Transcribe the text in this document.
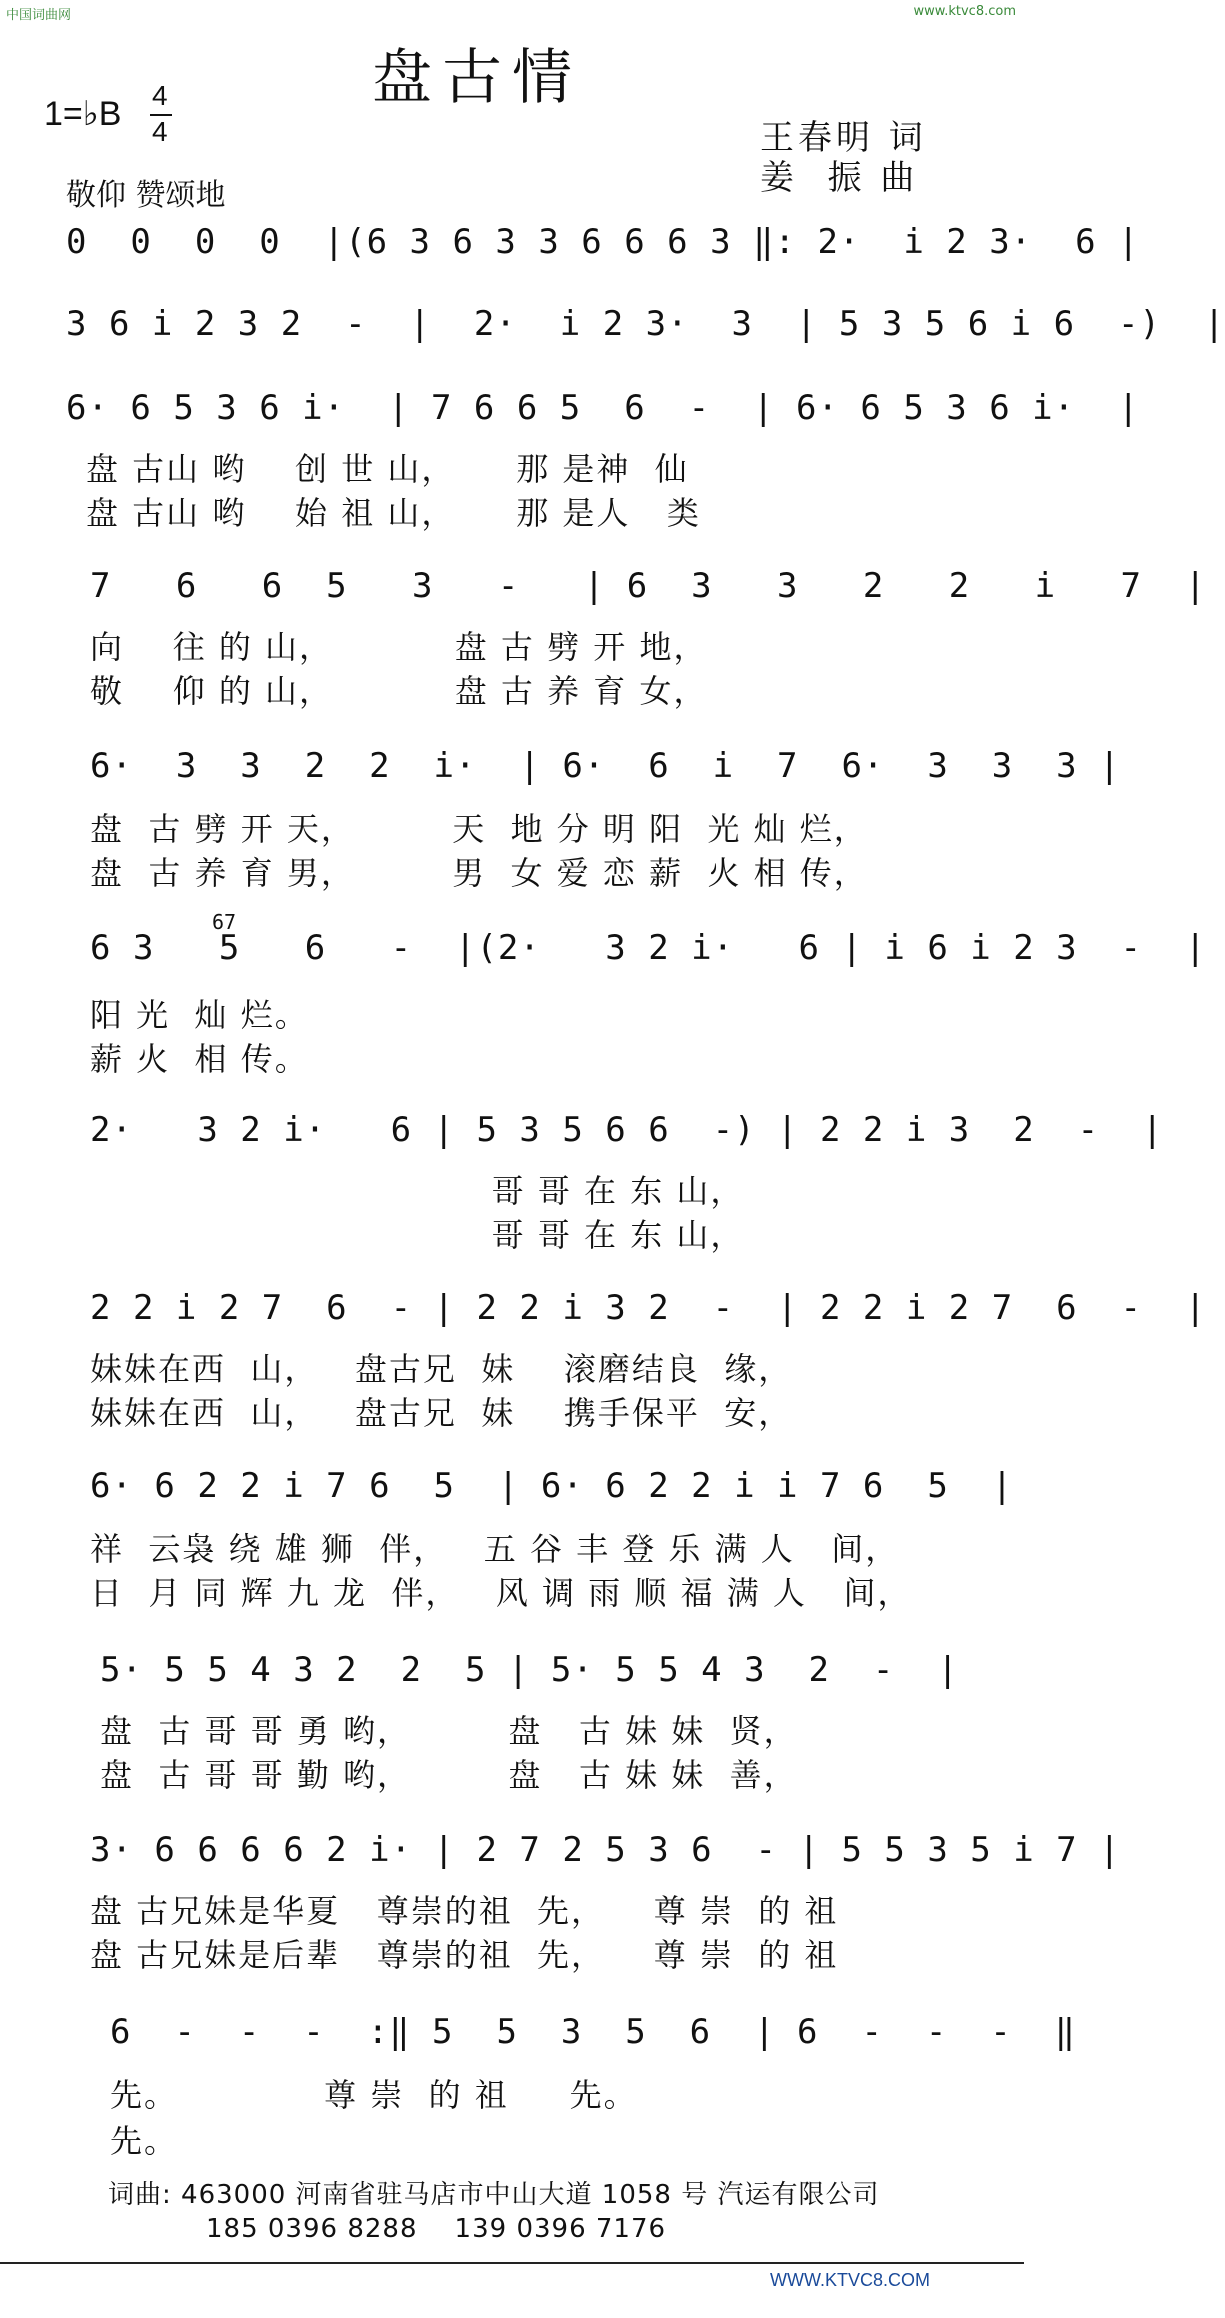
中国词曲网	www.ktvc8.com
盘古情
1=♭B 4
4	王春明 词
姜  振 曲
敬仰 赞颂地
0  0  0  0  |(6 3 6 3 3 6 6 6 3 ‖: 2·  i 2 3·  6 |
3 6 i 2 3 2  -  |  2·  i 2 3·  3  | 5 3 5 6 i 6  -)  |
6· 6 5 3 6 i·  | 7 6 6 5  6  -  | 6· 6 5 3 6 i·  |
盘 古山 哟    创 世 山，     那 是神  仙
盘 古山 哟    始 祖 山，     那 是人   类
7   6   6  5   3   -   | 6  3   3   2   2   i   7  |
向    往 的 山，          盘 古 劈 开 地，
敬    仰 的 山，          盘 古 养 育 女，
6·  3  3  2  2  i·  | 6·  6  i  7  6·  3  3  3 |
盘  古 劈 开 天，        天  地 分 明 阳  光 灿 烂，
盘  古 养 育 男，        男  女 爱 恋 薪  火 相 传，
67
6 3   5   6   -  |(2·   3 2 i·   6 | i 6 i 2 3  -  |
阳 光  灿 烂。
薪 火  相 传。
2·   3 2 i·   6 | 5 3 5 6 6  -) | 2 2 i 3  2  -  |
哥 哥 在 东 山，
哥 哥 在 东 山，
2 2 i 2 7  6  - | 2 2 i 3 2  -  | 2 2 i 2 7  6  -  |
妹妹在西  山，   盘古兄  妹    滚磨结良  缘，
妹妹在西  山，   盘古兄  妹    携手保平  安，
6· 6 2 2 i 7 6  5  | 6· 6 2 2 i i 7 6  5  |
祥  云袅 绕 雄 狮  伴，   五 谷 丰 登 乐 满 人   间，
日  月 同 辉 九 龙  伴，   风 调 雨 顺 福 满 人   间，
5· 5 5 4 3 2  2  5 | 5· 5 5 4 3  2  -  |
盘  古 哥 哥 勇 哟，        盘   古 妹 妹  贤，
盘  古 哥 哥 勤 哟，        盘   古 妹 妹  善，
3· 6 6 6 6 2 i· | 2 7 2 5 3 6  - | 5 5 3 5 i 7 |
盘 古兄妹是华夏   尊崇的祖  先，    尊 崇  的 祖
盘 古兄妹是后辈   尊崇的祖  先，    尊 崇  的 祖
6  -  -  -  :‖ 5  5  3  5  6  | 6  -  -  -  ‖
先。            尊 崇  的 祖     先。
先。
词曲: 463000 河南省驻马店市中山大道 1058 号 汽运有限公司
185 0396 8288    139 0396 7176
WWW.KTVC8.COM
